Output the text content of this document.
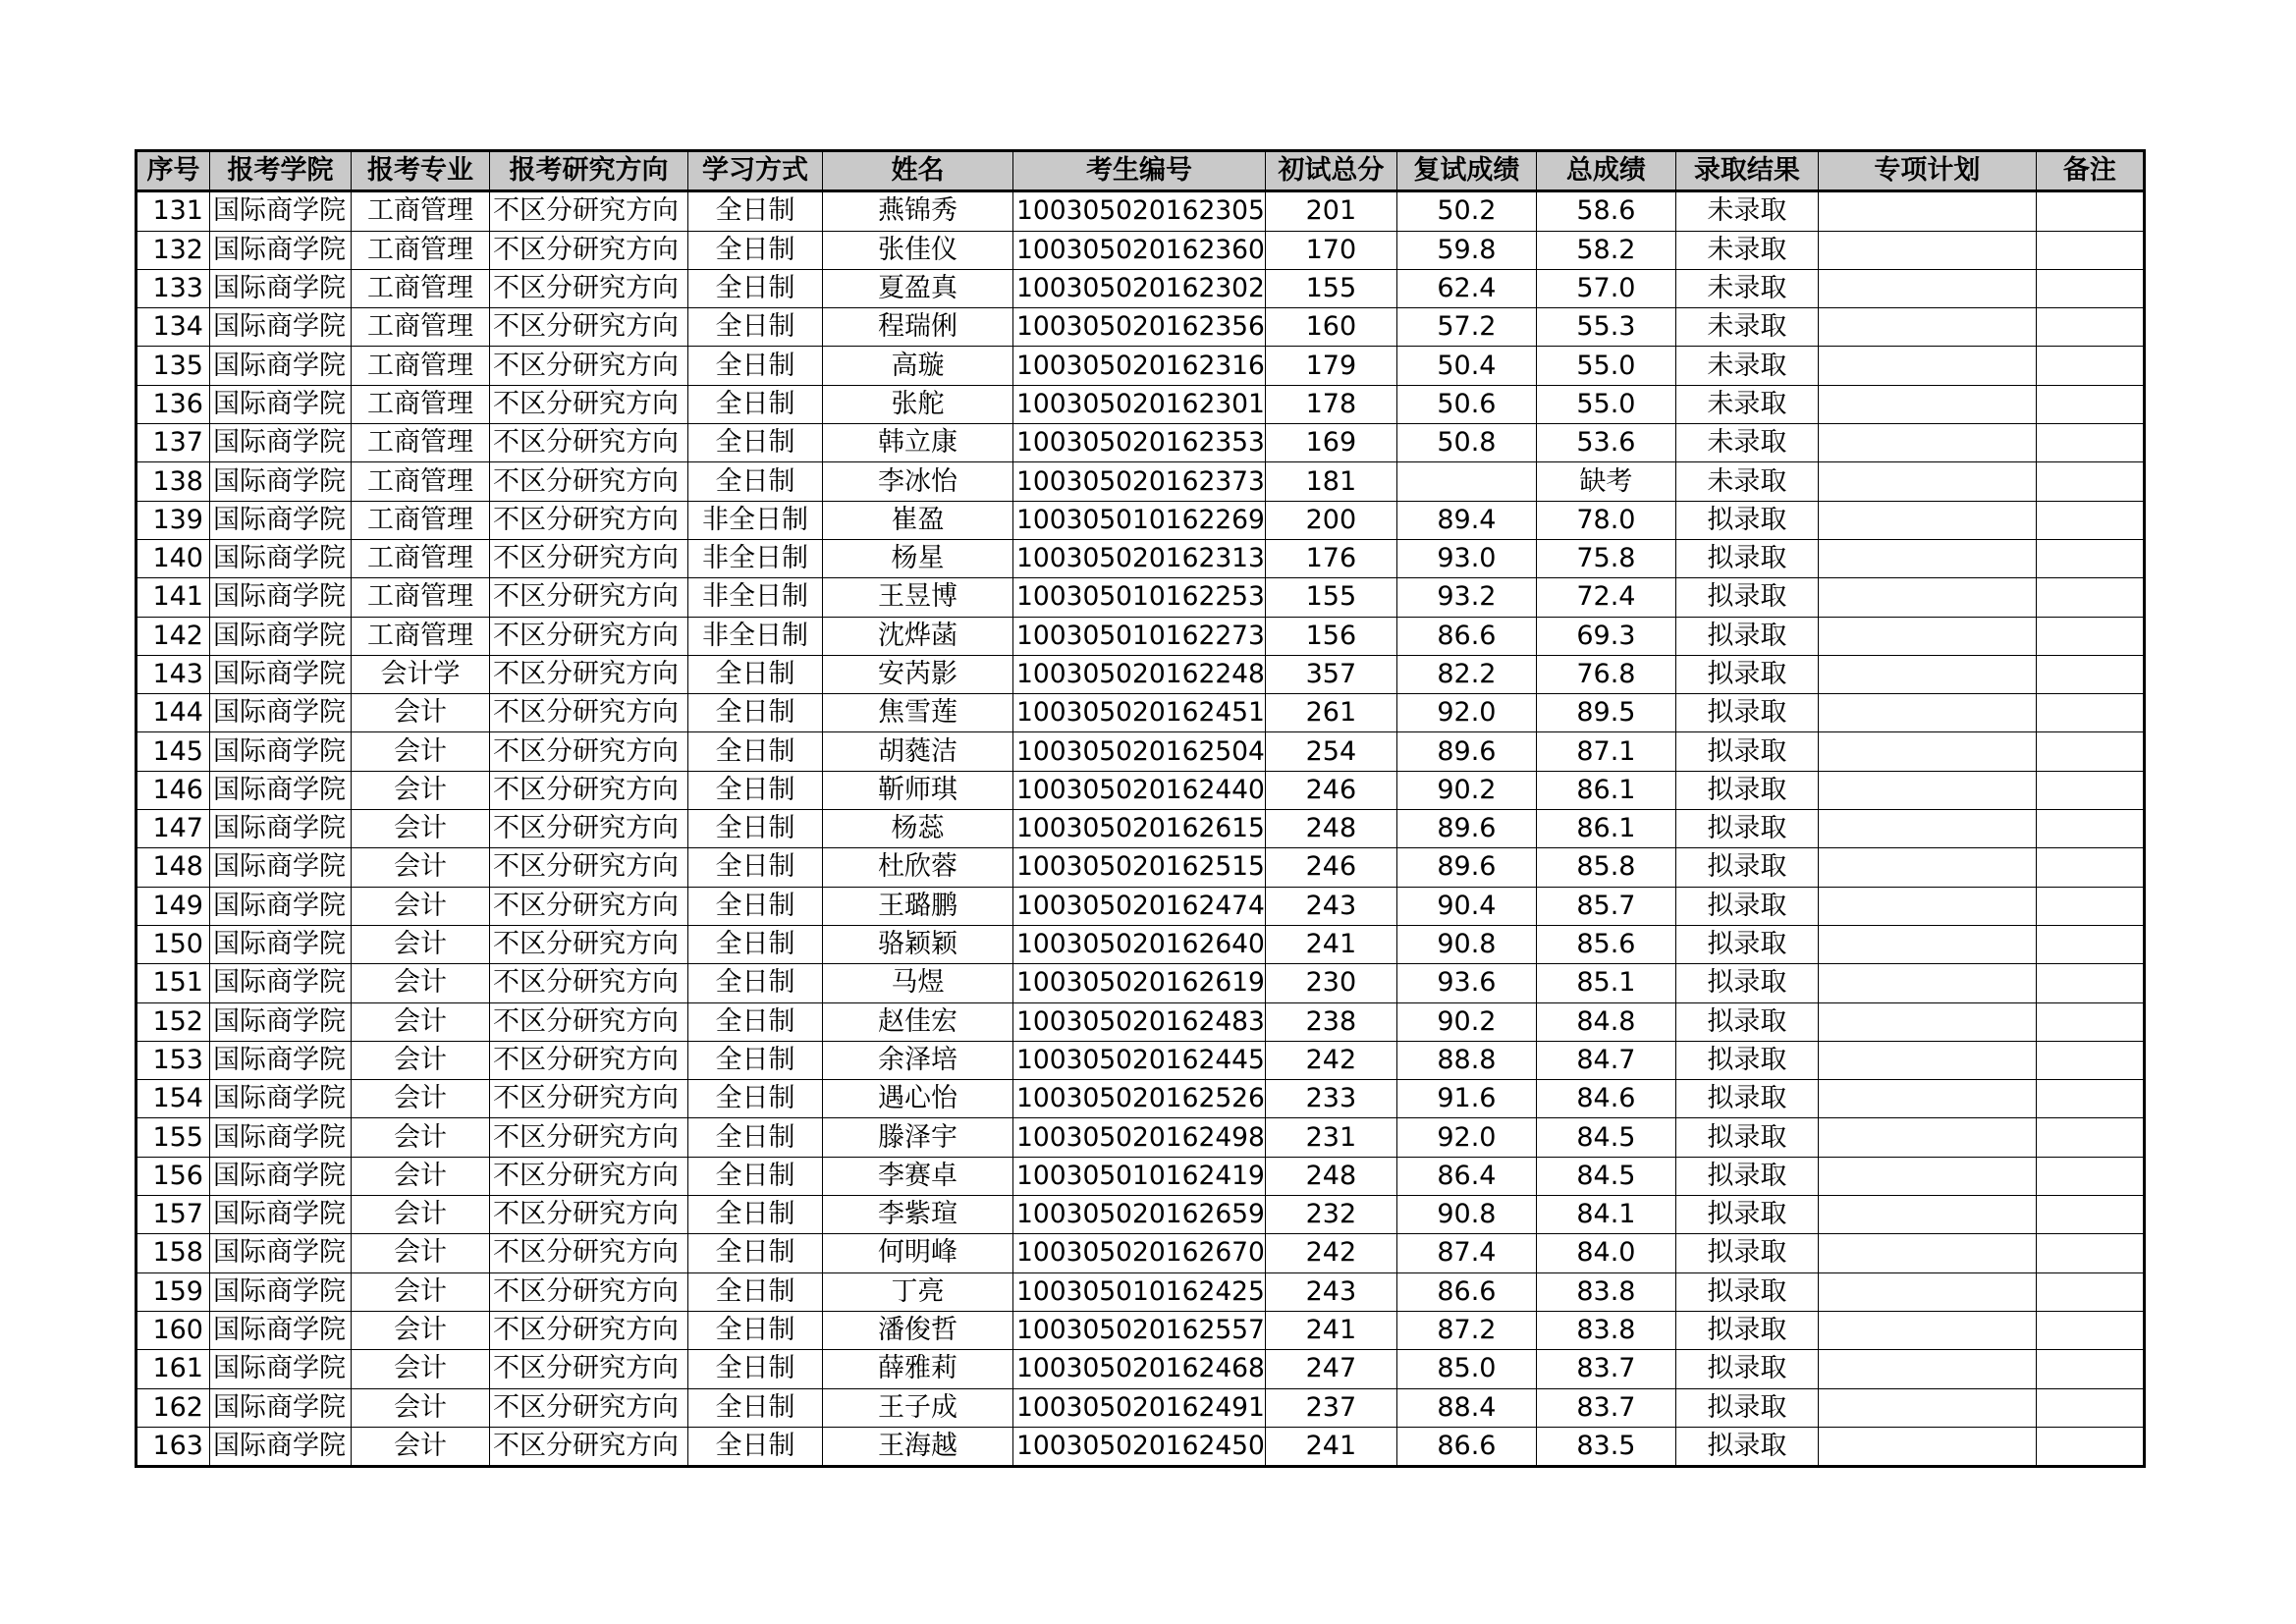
序号	报考学院	报考专业	报考研究方向	学习方式	姓名	考生编号	初试总分	复试成绩	总成绩	录取结果	专项计划	备注
131	国际商学院	工商管理	不区分研究方向	全日制	燕锦秀	100305020162305	201	50.2	58.6	未录取		
132	国际商学院	工商管理	不区分研究方向	全日制	张佳仪	100305020162360	170	59.8	58.2	未录取		
133	国际商学院	工商管理	不区分研究方向	全日制	夏盈真	100305020162302	155	62.4	57.0	未录取		
134	国际商学院	工商管理	不区分研究方向	全日制	程瑞俐	100305020162356	160	57.2	55.3	未录取		
135	国际商学院	工商管理	不区分研究方向	全日制	高璇	100305020162316	179	50.4	55.0	未录取		
136	国际商学院	工商管理	不区分研究方向	全日制	张舵	100305020162301	178	50.6	55.0	未录取		
137	国际商学院	工商管理	不区分研究方向	全日制	韩立康	100305020162353	169	50.8	53.6	未录取		
138	国际商学院	工商管理	不区分研究方向	全日制	李冰怡	100305020162373	181		缺考	未录取		
139	国际商学院	工商管理	不区分研究方向	非全日制	崔盈	100305010162269	200	89.4	78.0	拟录取		
140	国际商学院	工商管理	不区分研究方向	非全日制	杨星	100305020162313	176	93.0	75.8	拟录取		
141	国际商学院	工商管理	不区分研究方向	非全日制	王昱博	100305010162253	155	93.2	72.4	拟录取		
142	国际商学院	工商管理	不区分研究方向	非全日制	沈烨菡	100305010162273	156	86.6	69.3	拟录取		
143	国际商学院	会计学	不区分研究方向	全日制	安芮影	100305020162248	357	82.2	76.8	拟录取		
144	国际商学院	会计	不区分研究方向	全日制	焦雪莲	100305020162451	261	92.0	89.5	拟录取		
145	国际商学院	会计	不区分研究方向	全日制	胡蕤洁	100305020162504	254	89.6	87.1	拟录取		
146	国际商学院	会计	不区分研究方向	全日制	靳师琪	100305020162440	246	90.2	86.1	拟录取		
147	国际商学院	会计	不区分研究方向	全日制	杨蕊	100305020162615	248	89.6	86.1	拟录取		
148	国际商学院	会计	不区分研究方向	全日制	杜欣蓉	100305020162515	246	89.6	85.8	拟录取		
149	国际商学院	会计	不区分研究方向	全日制	王璐鹏	100305020162474	243	90.4	85.7	拟录取		
150	国际商学院	会计	不区分研究方向	全日制	骆颖颖	100305020162640	241	90.8	85.6	拟录取		
151	国际商学院	会计	不区分研究方向	全日制	马煜	100305020162619	230	93.6	85.1	拟录取		
152	国际商学院	会计	不区分研究方向	全日制	赵佳宏	100305020162483	238	90.2	84.8	拟录取		
153	国际商学院	会计	不区分研究方向	全日制	余泽培	100305020162445	242	88.8	84.7	拟录取		
154	国际商学院	会计	不区分研究方向	全日制	遇心怡	100305020162526	233	91.6	84.6	拟录取		
155	国际商学院	会计	不区分研究方向	全日制	滕泽宇	100305020162498	231	92.0	84.5	拟录取		
156	国际商学院	会计	不区分研究方向	全日制	李赛卓	100305010162419	248	86.4	84.5	拟录取		
157	国际商学院	会计	不区分研究方向	全日制	李紫瑄	100305020162659	232	90.8	84.1	拟录取		
158	国际商学院	会计	不区分研究方向	全日制	何明峰	100305020162670	242	87.4	84.0	拟录取		
159	国际商学院	会计	不区分研究方向	全日制	丁亮	100305010162425	243	86.6	83.8	拟录取		
160	国际商学院	会计	不区分研究方向	全日制	潘俊哲	100305020162557	241	87.2	83.8	拟录取		
161	国际商学院	会计	不区分研究方向	全日制	薛雅莉	100305020162468	247	85.0	83.7	拟录取		
162	国际商学院	会计	不区分研究方向	全日制	王子成	100305020162491	237	88.4	83.7	拟录取		
163	国际商学院	会计	不区分研究方向	全日制	王海越	100305020162450	241	86.6	83.5	拟录取		
